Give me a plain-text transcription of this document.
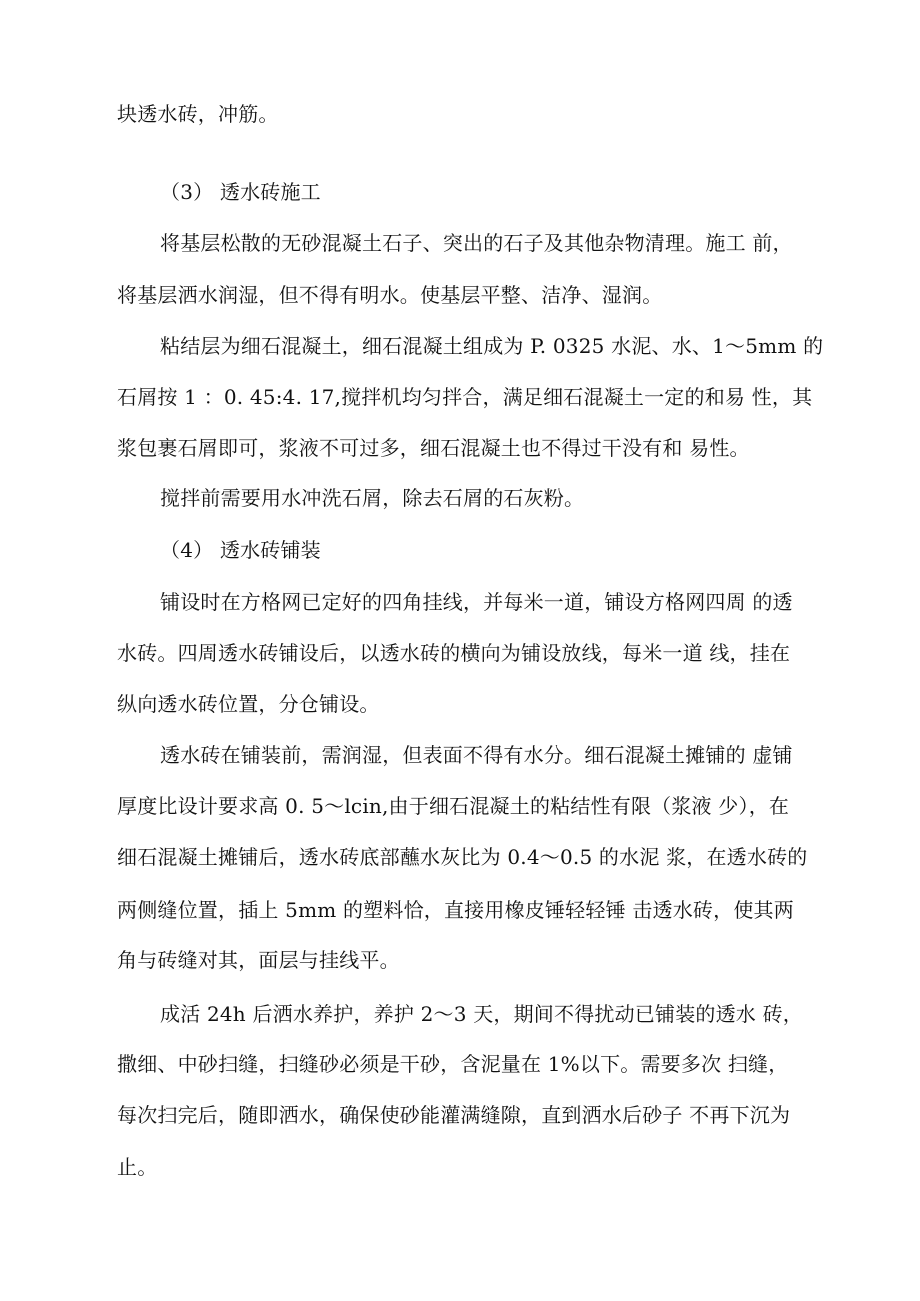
块透水砖，冲筋。
（3） 透水砖施工
将基层松散的无砂混凝土石子、突出的石子及其他杂物清理。施工 前，
将基层洒水润湿，但不得有明水。使基层平整、洁净、湿润。
粘结层为细石混凝土，细石混凝土组成为 P. 0325 水泥、水、1～5mm 的
石屑按 1 ：0. 45:4. 17,搅拌机均匀拌合，满足细石混凝土一定的和易 性，其
浆包裹石屑即可，浆液不可过多，细石混凝土也不得过干没有和 易性。
搅拌前需要用水冲洗石屑，除去石屑的石灰粉。
（4） 透水砖铺装
铺设时在方格网已定好的四角挂线，并每米一道，铺设方格网四周 的透
水砖。四周透水砖铺设后，以透水砖的横向为铺设放线，每米一道 线，挂在
纵向透水砖位置，分仓铺设。
透水砖在铺装前，需润湿，但表面不得有水分。细石混凝土摊铺的 虚铺
厚度比设计要求高 0. 5～lcin,由于细石混凝土的粘结性有限（浆液 少），在
细石混凝土摊铺后，透水砖底部蘸水灰比为 0.4～0.5 的水泥 浆，在透水砖的
两侧缝位置，插上 5mm 的塑料恰，直接用橡皮锤轻轻锤 击透水砖，使其两
角与砖缝对其，面层与挂线平。
成活 24h 后洒水养护，养护 2～3 天，期间不得扰动已铺装的透水 砖，
撒细、中砂扫缝，扫缝砂必须是干砂，含泥量在 1%以下。需要多次 扫缝，
每次扫完后，随即洒水，确保使砂能灌满缝隙，直到洒水后砂子 不再下沉为
止。
